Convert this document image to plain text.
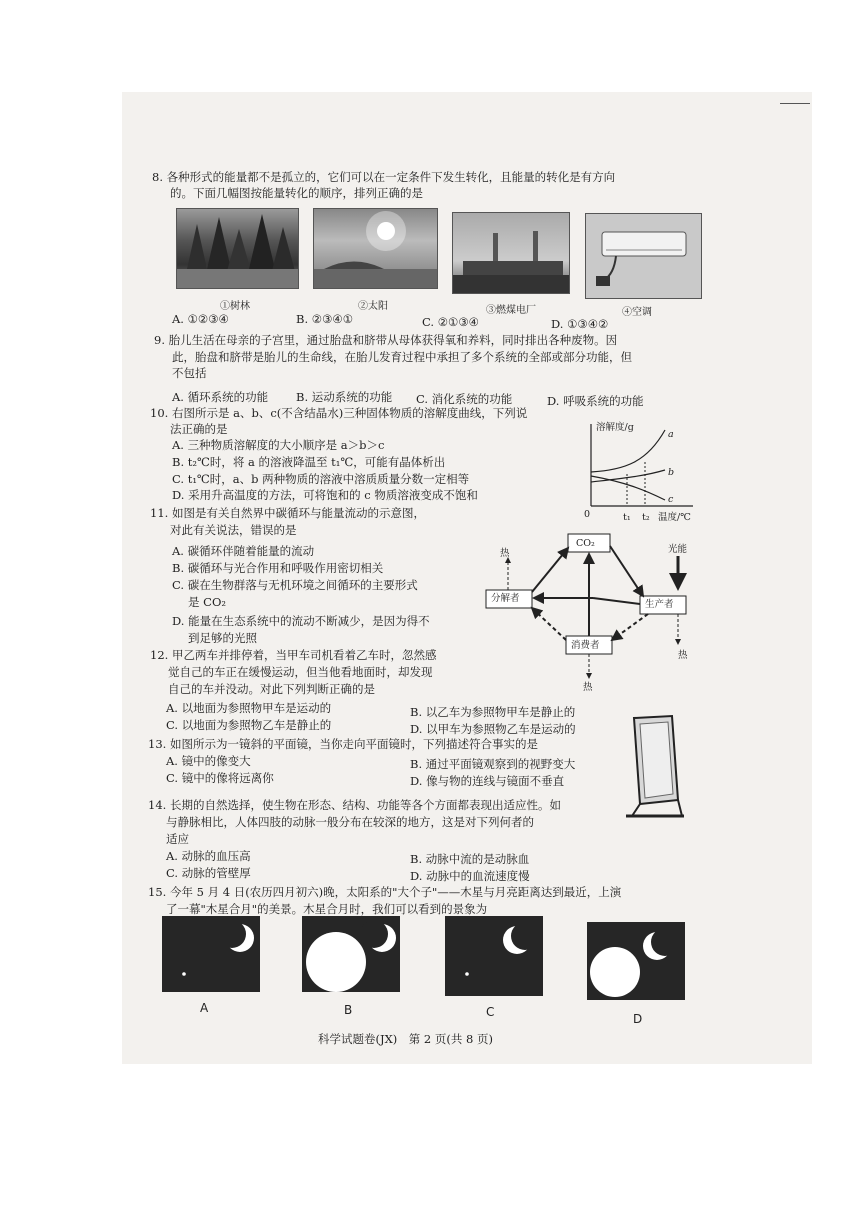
8. 各种形式的能量都不是孤立的，它们可以在一定条件下发生转化，且能量的转化是有方向
的。下面几幅图按能量转化的顺序，排列正确的是
①树林	②太阳	③燃煤电厂	④空调
A. ①②③④	B. ②③④①	C. ②①③④	D. ①③④②
9. 胎儿生活在母亲的子宫里，通过胎盘和脐带从母体获得氧和养料，同时排出各种废物。因
此，胎盘和脐带是胎儿的生命线，在胎儿发育过程中承担了多个系统的全部或部分功能，但
不包括
A. 循环系统的功能 B. 运动系统的功能 C. 消化系统的功能	D. 呼吸系统的功能
10. 右图所示是 a、b、c(不含结晶水)三种固体物质的溶解度曲线，下列说
法正确的是
A. 三种物质溶解度的大小顺序是 a＞b＞c
B. t₂℃时，将 a 的溶液降温至 t₁℃，可能有晶体析出
C. t₁℃时，a、b 两种物质的溶液中溶质质量分数一定相等
D. 采用升高温度的方法，可将饱和的 c 物质溶液变成不饱和
溶解度/g
a
b
c
0	t₁ t₂ 温度/℃
11. 如图是有关自然界中碳循环与能量流动的示意图，
对此有关说法，错误的是
A. 碳循环伴随着能量的流动
B. 碳循环与光合作用和呼吸作用密切相关
C. 碳在生物群落与无机环境之间循环的主要形式
是 CO₂
D. 能量在生态系统中的流动不断减少，是因为得不
到足够的光照
CO₂
分解者
生产者
消费者
光能
热
热
热
12. 甲乙两车并排停着，当甲车司机看着乙车时，忽然感
觉自己的车正在缓慢运动，但当他看地面时，却发现
自己的车并没动。对此下列判断正确的是
A. 以地面为参照物甲车是运动的	B. 以乙车为参照物甲车是静止的
C. 以地面为参照物乙车是静止的	D. 以甲车为参照物乙车是运动的
13. 如图所示为一镜斜的平面镜，当你走向平面镜时，下列描述符合事实的是
A. 镜中的像变大	B. 通过平面镜观察到的视野变大
C. 镜中的像将远离你	D. 像与物的连线与镜面不垂直
14. 长期的自然选择，使生物在形态、结构、功能等各个方面都表现出适应性。如
与静脉相比，人体四肢的动脉一般分布在较深的地方，这是对下列何者的
适应
A. 动脉的血压高	B. 动脉中流的是动脉血
C. 动脉的管壁厚	D. 动脉中的血流速度慢
15. 今年 5 月 4 日(农历四月初六)晚，太阳系的"大个子"——木星与月亮距离达到最近，上演
了一幕"木星合月"的美景。木星合月时，我们可以看到的景象为
A	B	C	D
科学试题卷(JX)　第 2 页(共 8 页)
